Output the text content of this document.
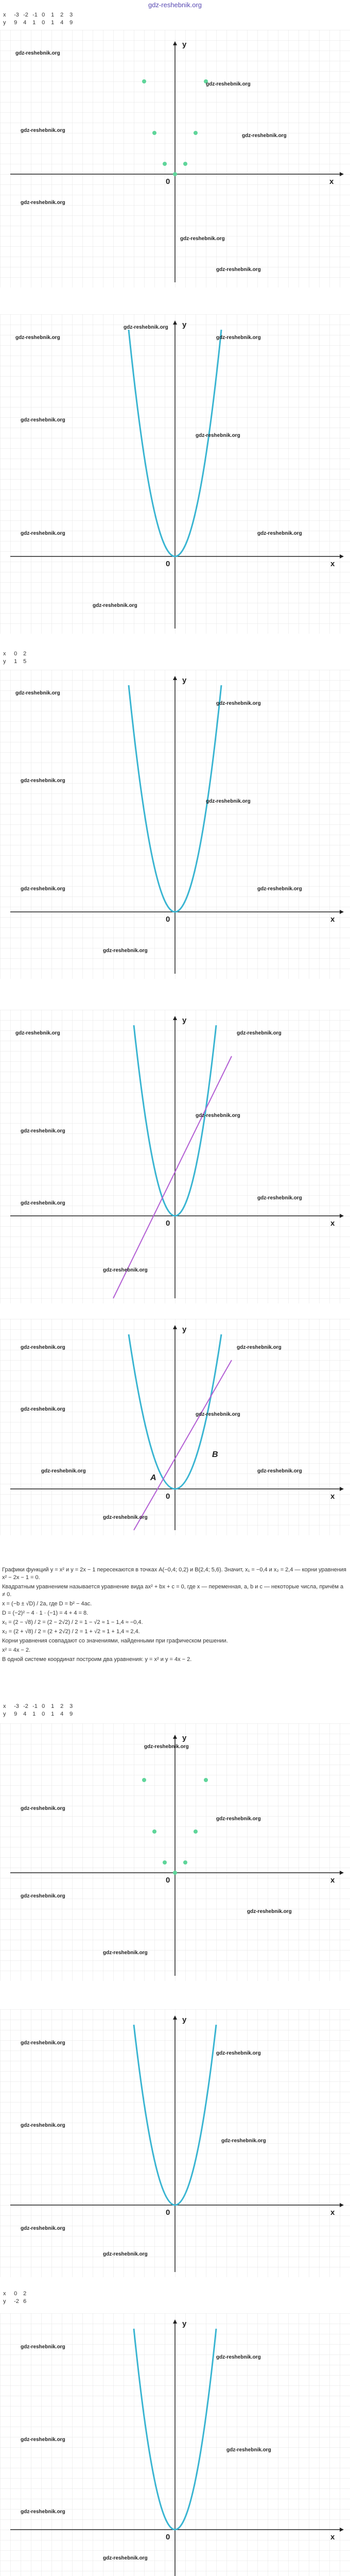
gdz-reshebnik.org
x -3 -2 -1 0 1 2 3
y 9 4 1 0 1 4 9
y
x
0
gdz-reshebnik.org
gdz-reshebnik.org
gdz-reshebnik.org
gdz-reshebnik.org
gdz-reshebnik.org
gdz-reshebnik.org
gdz-reshebnik.org
y
x
0
gdz-reshebnik.org
gdz-reshebnik.org
gdz-reshebnik.org
gdz-reshebnik.org
gdz-reshebnik.org
gdz-reshebnik.org	gdz-reshebnik.org
gdz-reshebnik.org
x 0 2
y 1 5
y
x
0
gdz-reshebnik.org
gdz-reshebnik.org
gdz-reshebnik.org
gdz-reshebnik.org
gdz-reshebnik.org	gdz-reshebnik.org
gdz-reshebnik.org
y
x
0
gdz-reshebnik.org	gdz-reshebnik.org
gdz-reshebnik.org
gdz-reshebnik.org
gdz-reshebnik.org
gdz-reshebnik.org
gdz-reshebnik.org
y
x
0
A
B
gdz-reshebnik.org	gdz-reshebnik.org
gdz-reshebnik.org
gdz-reshebnik.org
gdz-reshebnik.org	gdz-reshebnik.org
gdz-reshebnik.org

Графики функций y = x² и y = 2x − 1 пересекаются в точках A(−0,4; 0,2) и B(2,4; 5,6). Значит, x₁ = −0,4 и x₂ = 2,4 — корни уравнения x² − 2x − 1 = 0.

Квадратным уравнением называется уравнение вида ax² + bx + c = 0, где x — переменная, a, b и c — некоторые числа, причём a ≠ 0.

x = (−b ± √D) / 2a, где D = b² − 4ac.

D = (−2)² − 4 · 1 · (−1) = 4 + 4 = 8.

x₁ = (2 − √8) / 2 = (2 − 2√2) / 2 = 1 − √2 ≈ 1 − 1,4 ≈ −0,4.

x₂ = (2 + √8) / 2 = (2 + 2√2) / 2 = 1 + √2 ≈ 1 + 1,4 ≈ 2,4.

Корни уравнения совпадают со значениями, найденными при графическом решении.

x² = 4x − 2.

В одной системе координат построим два уравнения: y = x² и y = 4x − 2.

x -3 -2 -1 0 1 2 3
y 9 4 1 0 1 4 9
y
x
0
gdz-reshebnik.org
gdz-reshebnik.org
gdz-reshebnik.org
gdz-reshebnik.org
gdz-reshebnik.org
gdz-reshebnik.org
y
x
0
gdz-reshebnik.org
gdz-reshebnik.org
gdz-reshebnik.org
gdz-reshebnik.org
gdz-reshebnik.org
gdz-reshebnik.org
x 0 2
y -2 6
y
x
0
gdz-reshebnik.org
gdz-reshebnik.org
gdz-reshebnik.org
gdz-reshebnik.org
gdz-reshebnik.org
gdz-reshebnik.org
